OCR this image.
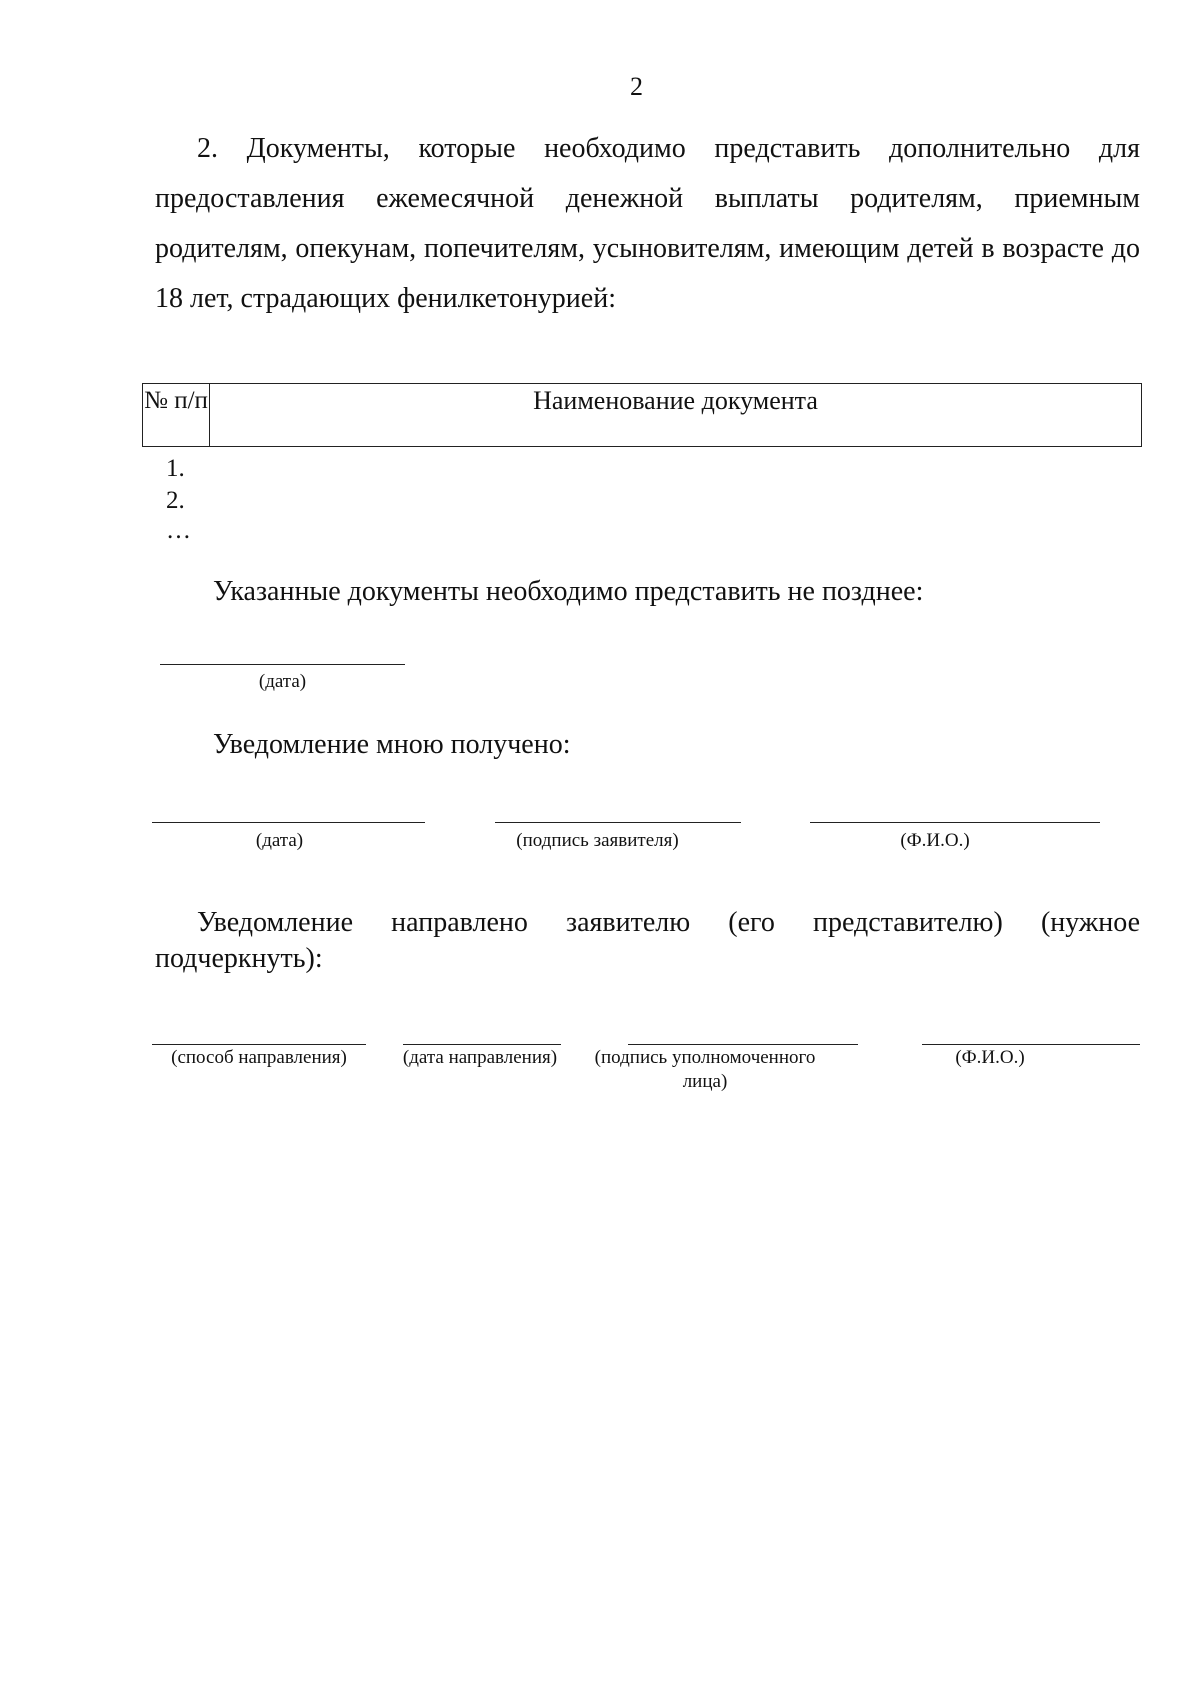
2

2. Документы, которые необходимо представить дополнительно для предоставления ежемесячной денежной выплаты родителям, приемным родителям, опекунам, попечителям, усыновителям, имеющим детей в возрасте до 18 лет, страдающих фенилкетонурией:

№ п/п	Наименование документа
1.
2.
…

Указанные документы необходимо представить не позднее:

(дата)

Уведомление мною получено:

(дата)	(подпись заявителя)	(Ф.И.О.)

Уведомление направлено заявителю (его представителю) (нужное подчеркнуть):

(способ направления)	(дата направления)	(подпись уполномоченного лица)
(Ф.И.О.)
